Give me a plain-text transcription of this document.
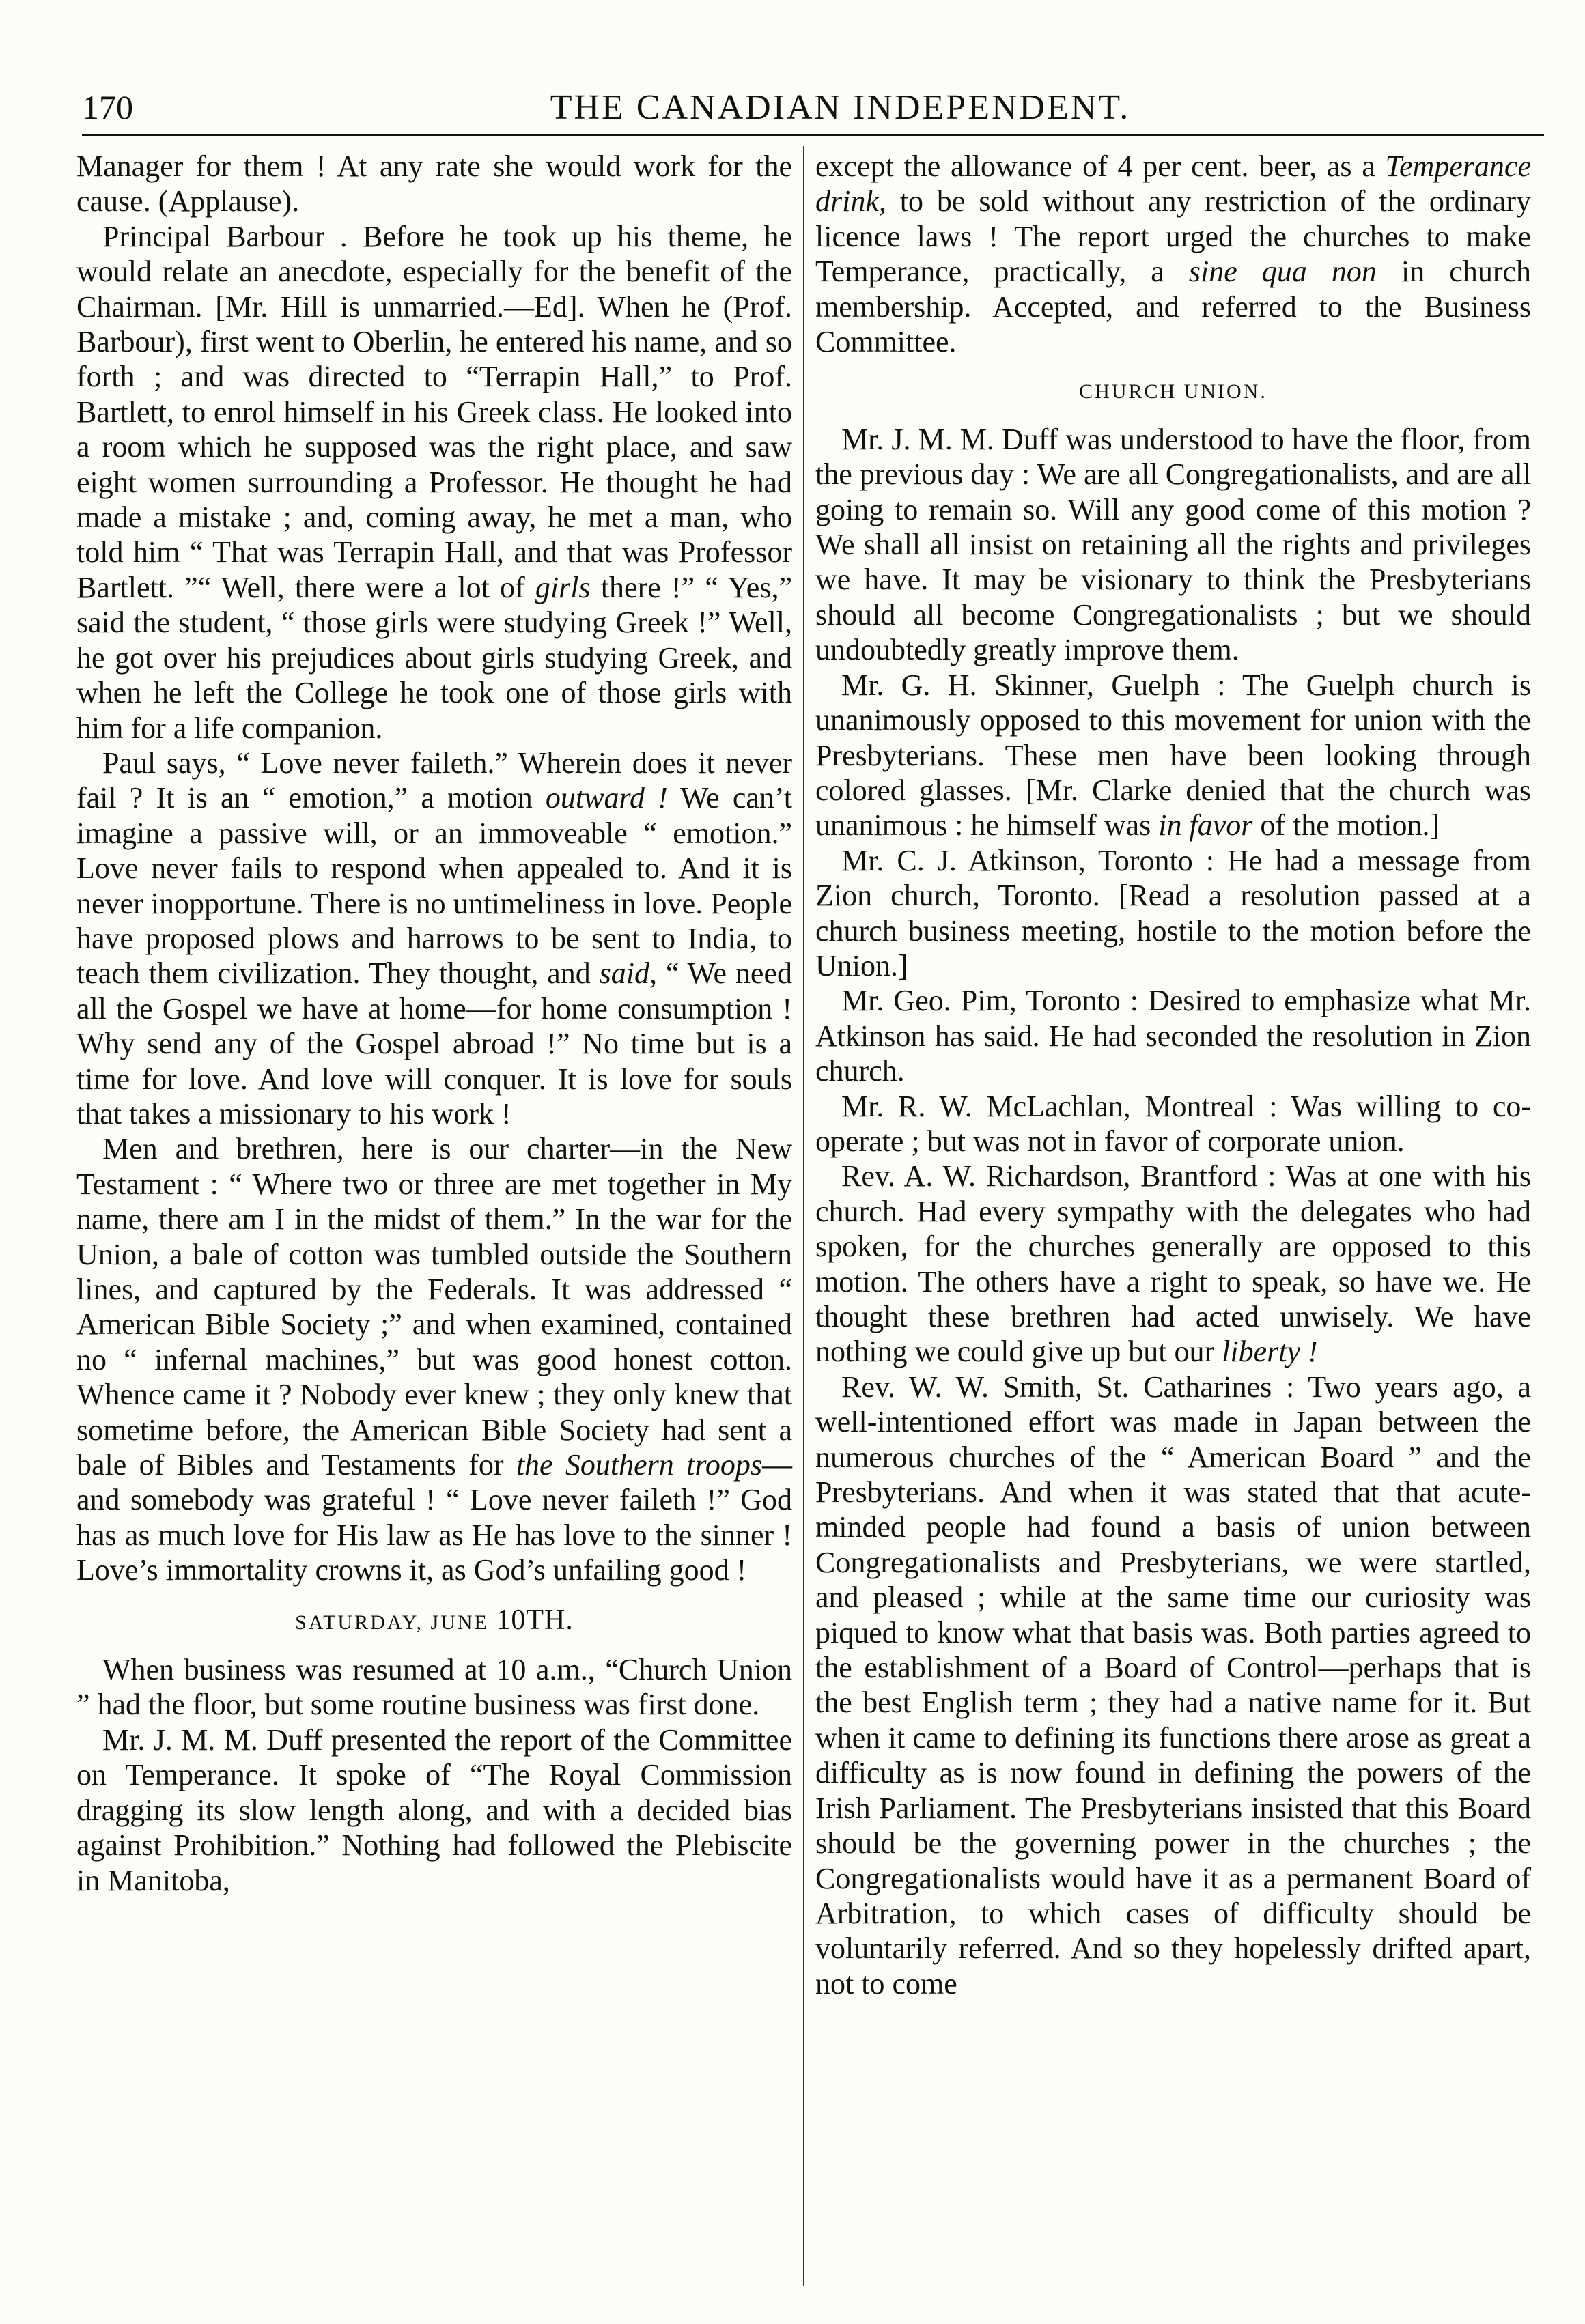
170	THE CANADIAN INDEPENDENT.

Manager for them ! At any rate she would work for the cause. (Applause).

Principal Barbour . Before he took up his theme, he would relate an anecdote, especially for the benefit of the Chairman. [Mr. Hill is unmarried.—Ed]. When he (Prof. Barbour), first went to Oberlin, he entered his name, and so forth ; and was directed to “Terrapin Hall,” to Prof. Bartlett, to enrol himself in his Greek class. He looked into a room which he supposed was the right place, and saw eight women surrounding a Professor. He thought he had made a mistake ; and, coming away, he met a man, who told him “ That was Terrapin Hall, and that was Professor Bartlett. ”“ Well, there were a lot of girls there !” “ Yes,” said the student, “ those girls were studying Greek !” Well, he got over his prejudices about girls studying Greek, and when he left the College he took one of those girls with him for a life companion.

Paul says, “ Love never faileth.” Wherein does it never fail ? It is an “ emotion,” a motion outward ! We can’t imagine a passive will, or an immoveable “ emotion.” Love never fails to respond when appealed to. And it is never inopportune. There is no untimeliness in love. People have proposed plows and harrows to be sent to India, to teach them civilization. They thought, and said, “ We need all the Gospel we have at home—for home consumption ! Why send any of the Gospel abroad !” No time but is a time for love. And love will conquer. It is love for souls that takes a missionary to his work !

Men and brethren, here is our charter—in the New Testament : “ Where two or three are met together in My name, there am I in the midst of them.” In the war for the Union, a bale of cotton was tumbled outside the Southern lines, and captured by the Federals. It was addressed “ American Bible Society ;” and when examined, contained no “ infernal machines,” but was good honest cotton. Whence came it ? Nobody ever knew ; they only knew that sometime before, the American Bible Society had sent a bale of Bibles and Testaments for the Southern troops—and somebody was grateful ! “ Love never faileth !” God has as much love for His law as He has love to the sinner ! Love’s immortality crowns it, as God’s unfailing good !

SATURDAY, JUNE 10TH.

When business was resumed at 10 a.m., “Church Union ” had the floor, but some routine business was first done.

Mr. J. M. M. Duff presented the report of the Committee on Temperance. It spoke of “The Royal Commission dragging its slow length along, and with a decided bias against Prohibition.” Nothing had followed the Plebiscite in Manitoba,

except the allowance of 4 per cent. beer, as a Temperance drink, to be sold without any restriction of the ordinary licence laws ! The report urged the churches to make Temperance, practically, a sine qua non in church membership. Accepted, and referred to the Business Committee.

CHURCH UNION.

Mr. J. M. M. Duff was understood to have the floor, from the previous day : We are all Congregationalists, and are all going to remain so. Will any good come of this motion ? We shall all insist on retaining all the rights and privileges we have. It may be visionary to think the Presbyterians should all become Congregationalists ; but we should undoubtedly greatly improve them.

Mr. G. H. Skinner, Guelph : The Guelph church is unanimously opposed to this movement for union with the Presbyterians. These men have been looking through colored glasses. [Mr. Clarke denied that the church was unanimous : he himself was in favor of the motion.]

Mr. C. J. Atkinson, Toronto : He had a message from Zion church, Toronto. [Read a resolution passed at a church business meeting, hostile to the motion before the Union.]

Mr. Geo. Pim, Toronto : Desired to emphasize what Mr. Atkinson has said. He had seconded the resolution in Zion church.

Mr. R. W. McLachlan, Montreal : Was willing to co-operate ; but was not in favor of corporate union.

Rev. A. W. Richardson, Brantford : Was at one with his church. Had every sympathy with the delegates who had spoken, for the churches generally are opposed to this motion. The others have a right to speak, so have we. He thought these brethren had acted unwisely. We have nothing we could give up but our liberty !

Rev. W. W. Smith, St. Catharines : Two years ago, a well-intentioned effort was made in Japan between the numerous churches of the “ American Board ” and the Presbyterians. And when it was stated that that acute-minded people had found a basis of union between Congregationalists and Presbyterians, we were startled, and pleased ; while at the same time our curiosity was piqued to know what that basis was. Both parties agreed to the establishment of a Board of Control—perhaps that is the best English term ; they had a native name for it. But when it came to defining its functions there arose as great a difficulty as is now found in defining the powers of the Irish Parliament. The Presbyterians insisted that this Board should be the governing power in the churches ; the Congregationalists would have it as a permanent Board of Arbitration, to which cases of difficulty should be voluntarily referred. And so they hopelessly drifted apart, not to come
